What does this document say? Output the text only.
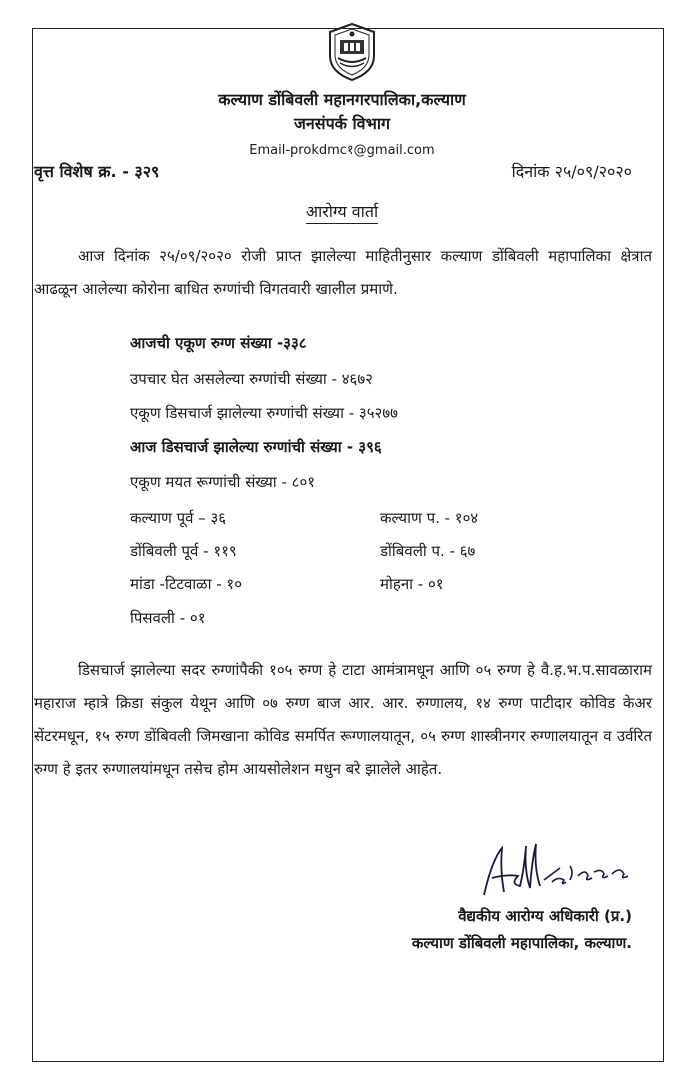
कल्याण डोंबिवली महानगरपालिका,कल्याण
जनसंपर्क विभाग
Email-prokdmc१@gmail.com
वृत्त विशेष क्र. - ३२९	दिनांक २५/०९/२०२०
आरोग्य वार्ता
आज दिनांक २५/०९/२०२० रोजी प्राप्त झालेल्या माहितीनुसार कल्याण डोंबिवली महापालिका क्षेत्रात आढळून आलेल्या कोरोना बाधित रुग्णांची विगतवारी खालील प्रमाणे.
आजची एकूण रुग्ण संख्या -३३८
उपचार घेत असलेल्या रुग्णांची संख्या - ४६७२
एकूण डिसचार्ज झालेल्या रुग्णांची संख्या - ३५२७७
आज डिसचार्ज झालेल्या रुग्णांची संख्या - ३९६
एकूण मयत रूग्णांची संख्या - ८०१
कल्याण पूर्व – ३६	कल्याण प. - १०४
डोंबिवली पूर्व - ११९	डोंबिवली प. - ६७
मांडा -टिटवाळा - १०	मोहना - ०१
पिसवली - ०१
डिसचार्ज झालेल्या सदर रुग्णांपैकी १०५ रुग्ण हे टाटा आमंत्रामधून आणि ०५ रुग्ण हे वै.ह.भ.प.सावळाराम महाराज म्हात्रे क्रिडा संकुल येथून आणि ०७ रुग्ण बाज आर. आर. रुग्णालय, १४ रुग्ण पाटीदार कोविड केअर सेंटरमधून, १५ रुग्ण डोंबिवली जिमखाना कोविड समर्पित रूग्णालयातून, ०५ रुग्ण शास्त्रीनगर रुग्णालयातून व उर्वरित रुग्ण हे इतर रुग्णालयांमधून तसेच होम आयसोलेशन मधुन बरे झालेले आहेत.
वैद्यकीय आरोग्य अधिकारी (प्र.)
कल्याण डोंबिवली महापालिका, कल्याण.
